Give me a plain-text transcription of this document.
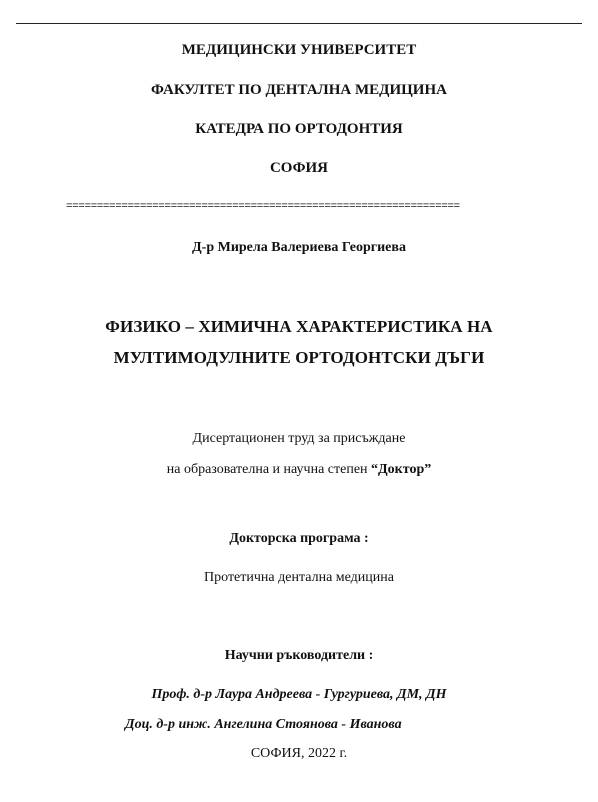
МЕДИЦИНСКИ УНИВЕРСИТЕТ
ФАКУЛТЕТ ПО ДЕНТАЛНА МЕДИЦИНА
КАТЕДРА ПО ОРТОДОНТИЯ
СОФИЯ
================================================================
Д-р Мирела Валериева Георгиева
ФИЗИКО – ХИМИЧНА ХАРАКТЕРИСТИКА НА
МУЛТИМОДУЛНИТЕ ОРТОДОНТСКИ ДЪГИ
Дисертационен труд за присъждане
на образователна и научна степен “Доктор”
Докторска програма :
Протетична дентална медицина
Научни ръководители :
Проф. д-р Лаура Андреева - Гургуриева, ДМ, ДН
Доц. д-р инж. Ангелина Стоянова - Иванова
СОФИЯ, 2022 г.
